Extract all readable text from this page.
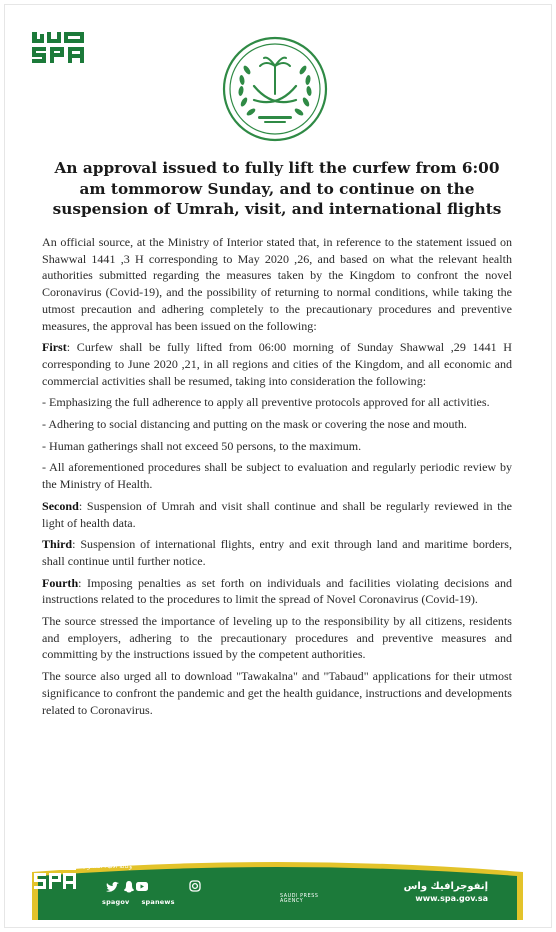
An approval issued to fully lift the curfew from 6:00 am tommorow Sunday, and to continue on the suspension of Umrah, visit, and international flights

An official source, at the Ministry of Interior stated that, in reference to the statement issued on Shawwal 1441 ,3 H corresponding to May 2020 ,26, and based on what the relevant health authorities submitted regarding the measures taken by the Kingdom to confront the novel Coronavirus (Covid-19), and the possibility of returning to normal conditions, while taking the utmost precaution and adhering completely to the precautionary procedures and preventive measures, the approval has been issued on the following:

First: Curfew shall be fully lifted from 06:00 morning of Sunday Shawwal ,29 1441 H corresponding to June 2020 ,21, in all regions and cities of the Kingdom, and all economic and commercial activities shall be resumed, taking into consideration the following:

- Emphasizing the full adherence to apply all preventive protocols approved for all activities.

- Adhering to social distancing and putting on the mask or covering the nose and mouth.

- Human gatherings shall not exceed 50 persons, to the maximum.

- All aforementioned procedures shall be subject to evaluation and regularly periodic review by the Ministry of Health.

Second: Suspension of Umrah and visit shall continue and shall be regularly reviewed in the light of health data.

Third: Suspension of international flights, entry and exit through land and maritime borders, shall continue until further notice.

Fourth: Imposing penalties as set forth on individuals and facilities violating decisions and instructions related to the procedures to limit the spread of Novel Coronavirus (Covid-19).

The source stressed the importance of leveling up to the responsibility by all citizens, residents and employers, adhering to the precautionary procedures and preventive measures and committing by the instructions issued by the competent authorities.

The source also urged all to download "Tawakalna" and "Tabaud" applications for their utmost significance to confront the pandemic and get the health guidance, instructions and developments related to Coronavirus.

spagov spanews
وكالة الأنباء السعودية
SAUDI PRESS
AGENCY
إنفوجرافيك واس
www.spa.gov.sa
